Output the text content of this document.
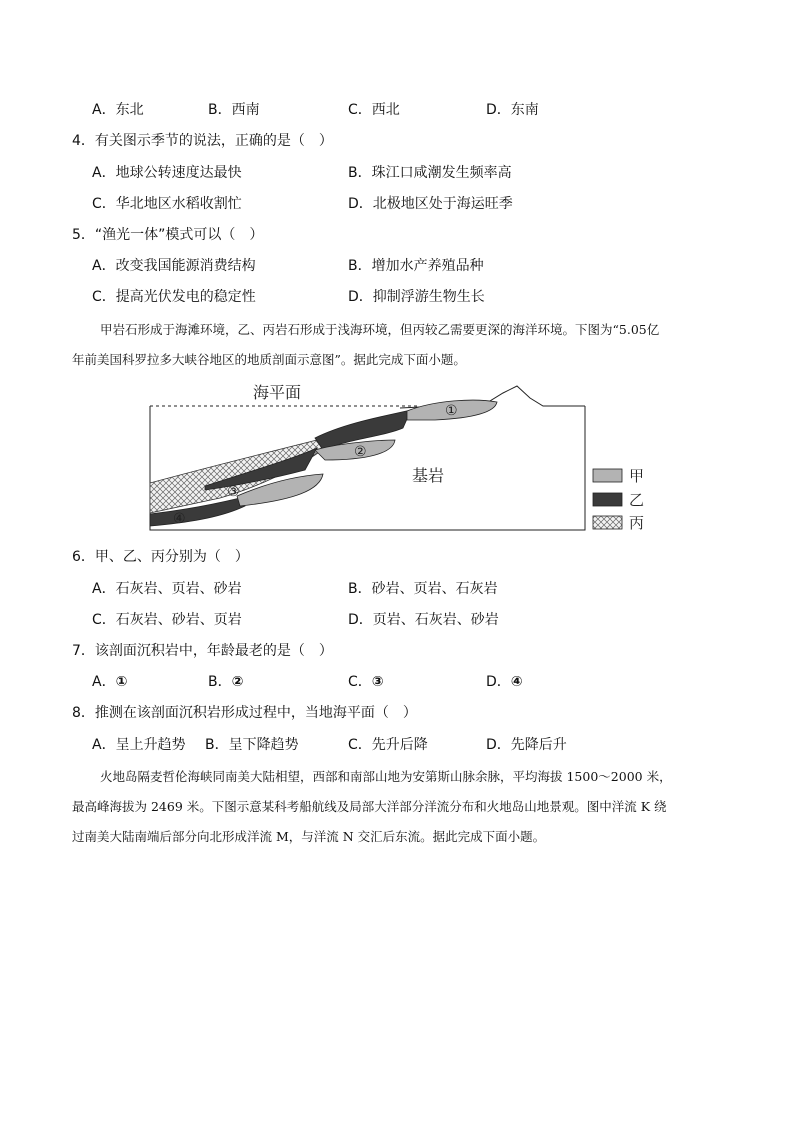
A．东北	B．西南	C．西北	D．东南
4．有关图示季节的说法，正确的是（　）
A．地球公转速度达最快	B．珠江口咸潮发生频率高
C．华北地区水稻收割忙	D．北极地区处于海运旺季
5．“渔光一体”模式可以（　）
A．改变我国能源消费结构	B．增加水产养殖品种
C．提高光伏发电的稳定性	D．抑制浮游生物生长
甲岩石形成于海滩环境，乙、丙岩石形成于浅海环境，但丙较乙需要更深的海洋环境。下图为“5.05亿
年前美国科罗拉多大峡谷地区的地质剖面示意图”。据此完成下面小题。
海平面
①
②
③
④
基岩	甲
乙
丙
6．甲、乙、丙分别为（　）
A．石灰岩、页岩、砂岩	B．砂岩、页岩、石灰岩
C．石灰岩、砂岩、页岩	D．页岩、石灰岩、砂岩
7．该剖面沉积岩中，年龄最老的是（　）
A．①	B．②	C．③	D．④
8．推测在该剖面沉积岩形成过程中，当地海平面（　）
A．呈上升趋势 B．呈下降趋势	C．先升后降	D．先降后升
火地岛隔麦哲伦海峡同南美大陆相望，西部和南部山地为安第斯山脉余脉，平均海拔 1500～2000 米，
最高峰海拔为 2469 米。下图示意某科考船航线及局部大洋部分洋流分布和火地岛山地景观。图中洋流 K 绕
过南美大陆南端后部分向北形成洋流 M，与洋流 N 交汇后东流。据此完成下面小题。
